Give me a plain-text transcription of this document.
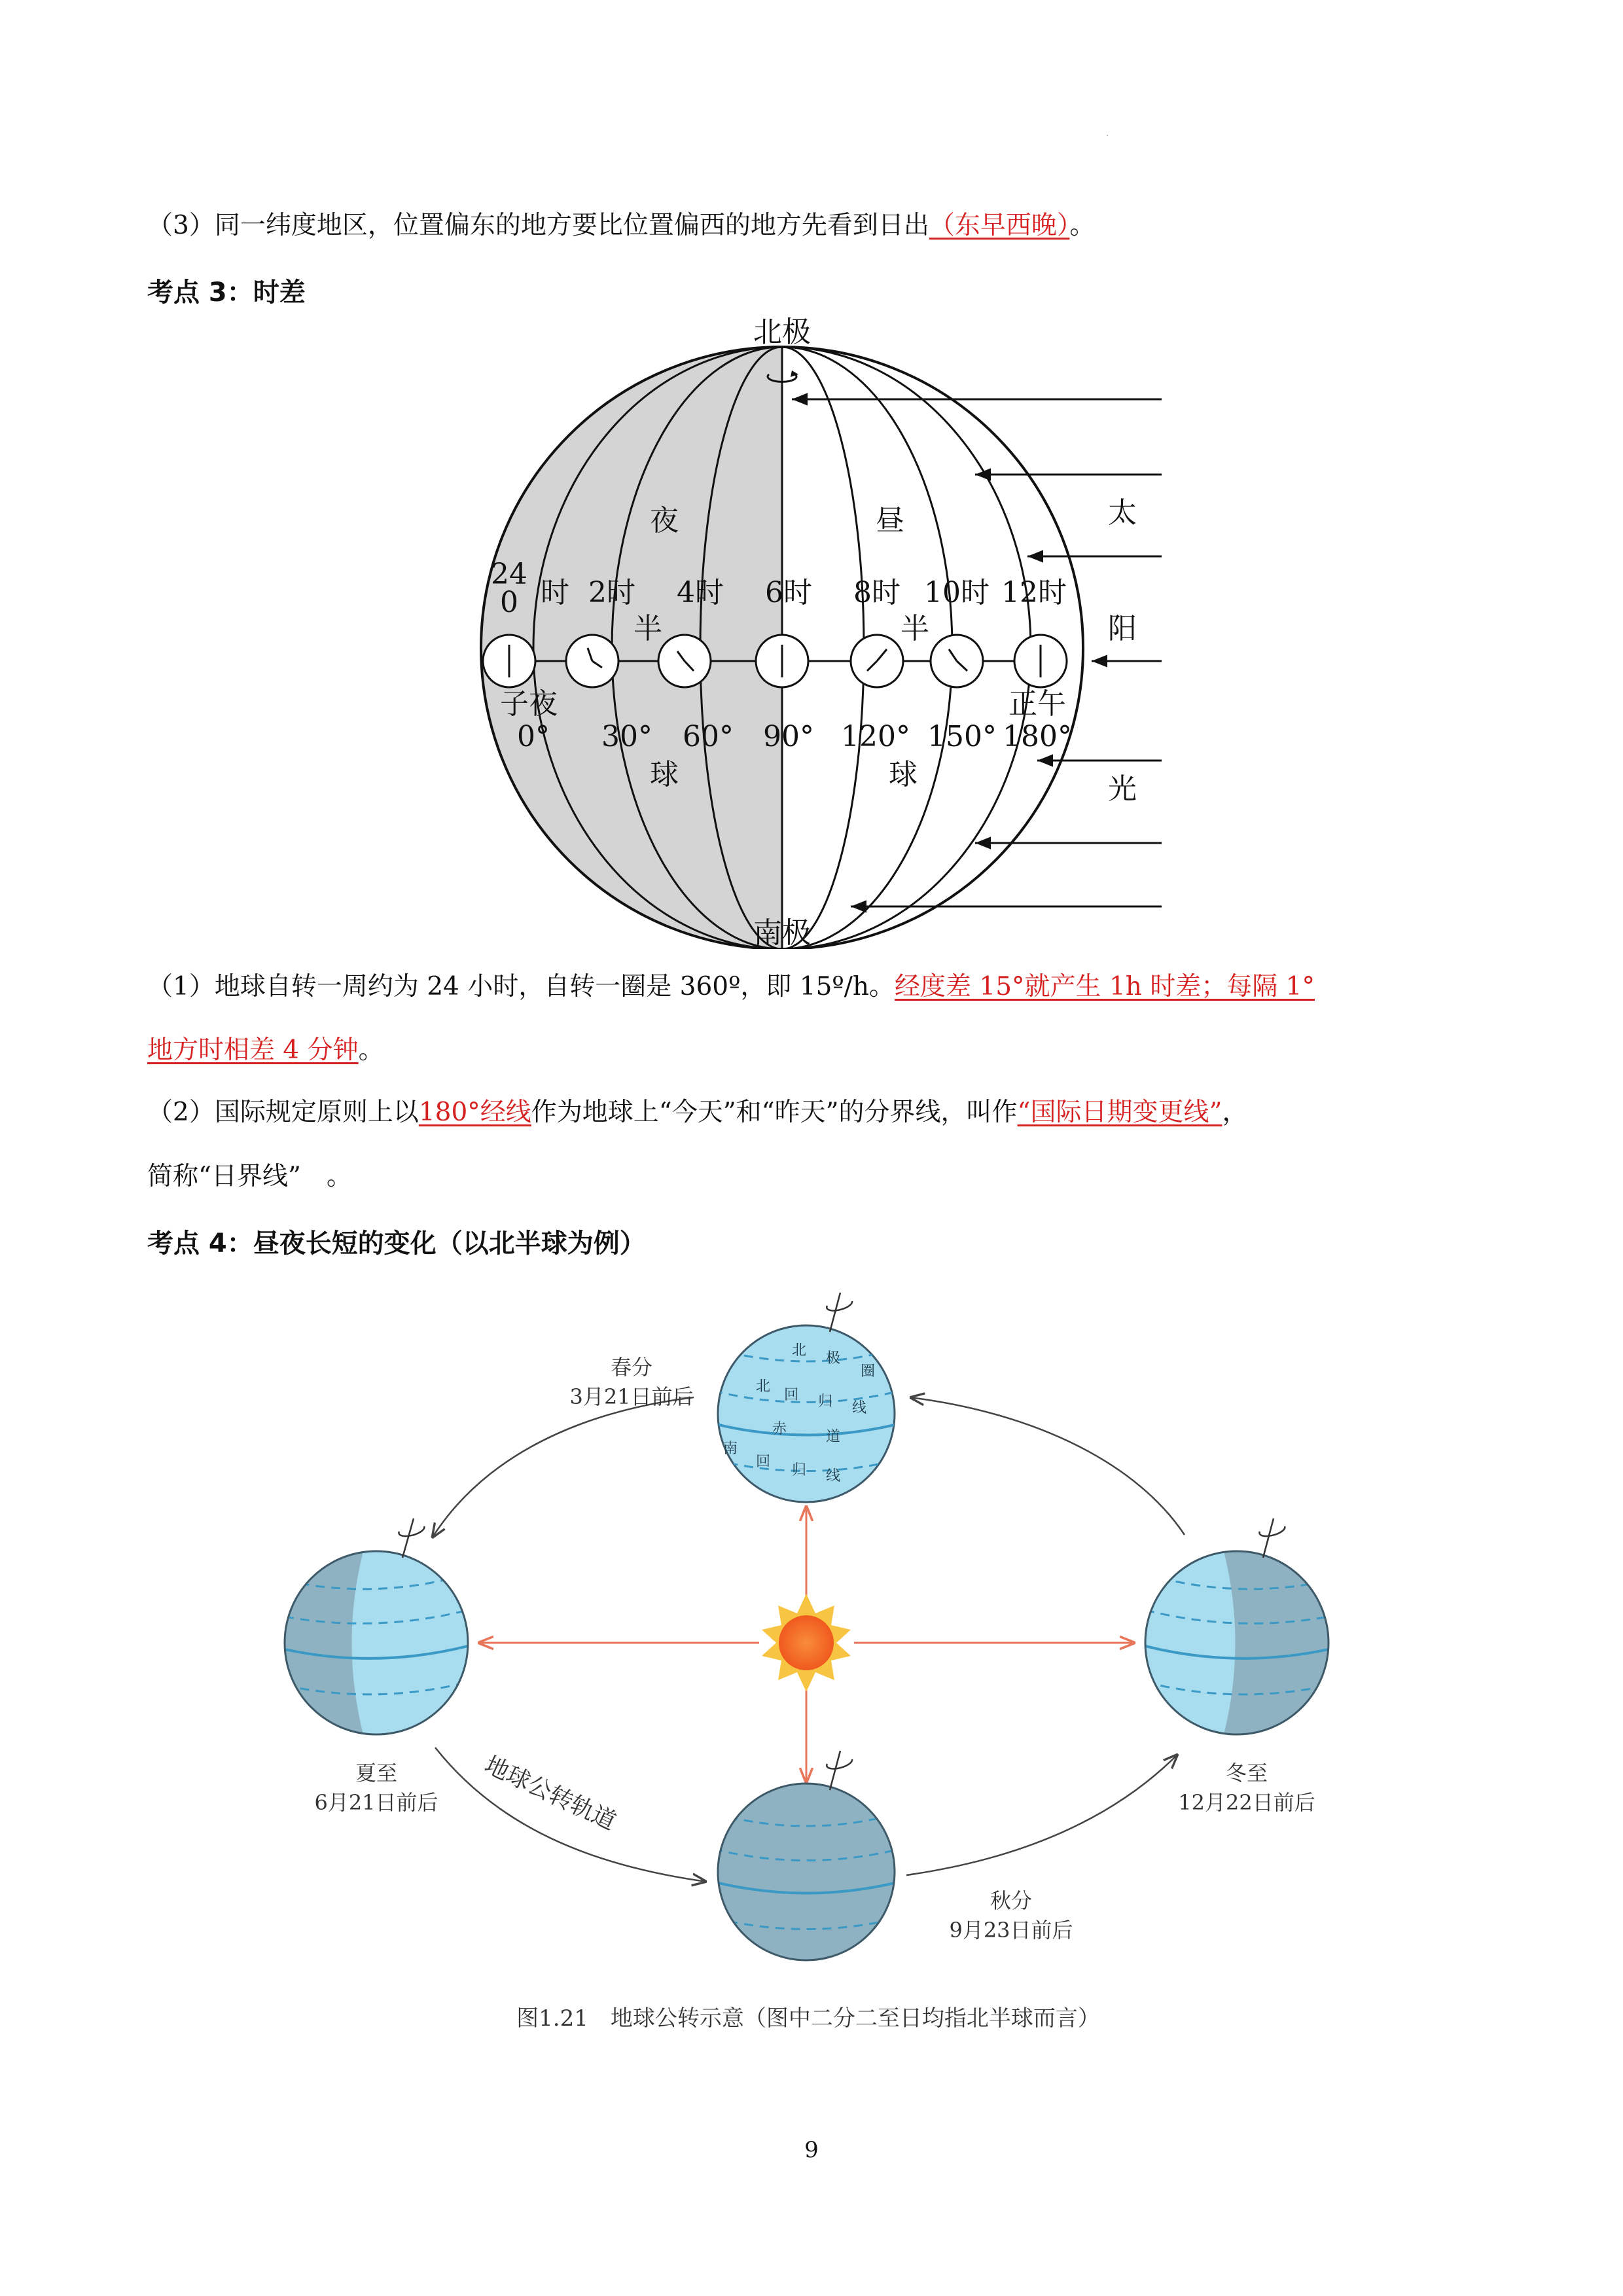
·
（3）同一纬度地区，位置偏东的地方要比位置偏西的地方先看到日出（东早西晚）。
考点 3：时差
北极
南极
夜	昼
半	半
球	球
太
阳
光
24
0 时 2时 4时 6时 8时 10时 12时
子夜	正午
0° 30° 60° 90° 120° 150° 180°
（1）地球自转一周约为 24 小时，自转一圈是 360º，即 15º/h。经度差 15°就产生 1h 时差；每隔 1°
地方时相差 4 分钟。
（2）国际规定原则上以180°经线作为地球上“今天”和“昨天”的分界线，叫作“国际日期变更线”，
简称“日界线”　。
考点 4：昼夜长短的变化（以北半球为例）
北 极
圈
北
回 归 线
赤	道
南
回
归 线
春分
3月21日前后
夏至
6月21日前后
冬至
12月22日前后
秋分
9月23日前后
地球公转轨道
图1.21　地球公转示意（图中二分二至日均指北半球而言）
9
